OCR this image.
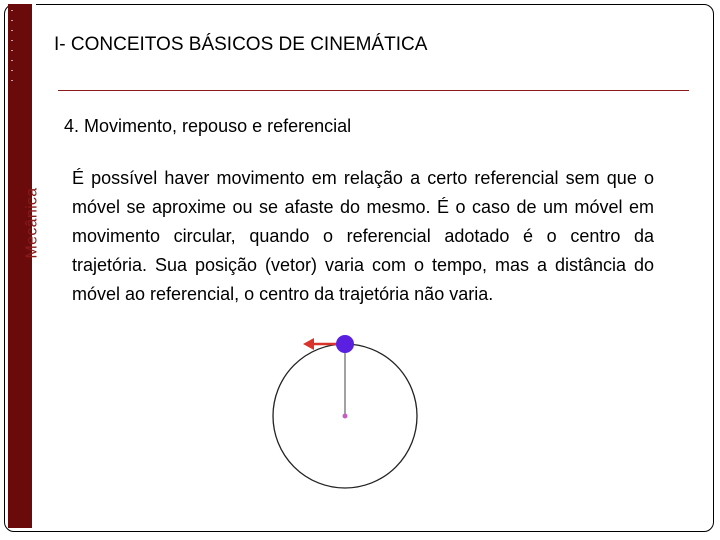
Mecânica
I- CONCEITOS BÁSICOS DE CINEMÁTICA
4. Movimento, repouso e referencial

É possível haver movimento em relação a certo referencial sem que o móvel se aproxime ou se afaste do mesmo. É o caso de um móvel em movimento circular, quando o referencial adotado é o centro da trajetória. Sua posição (vetor) varia com o tempo, mas a distância do móvel ao referencial, o centro da trajetória não varia.
